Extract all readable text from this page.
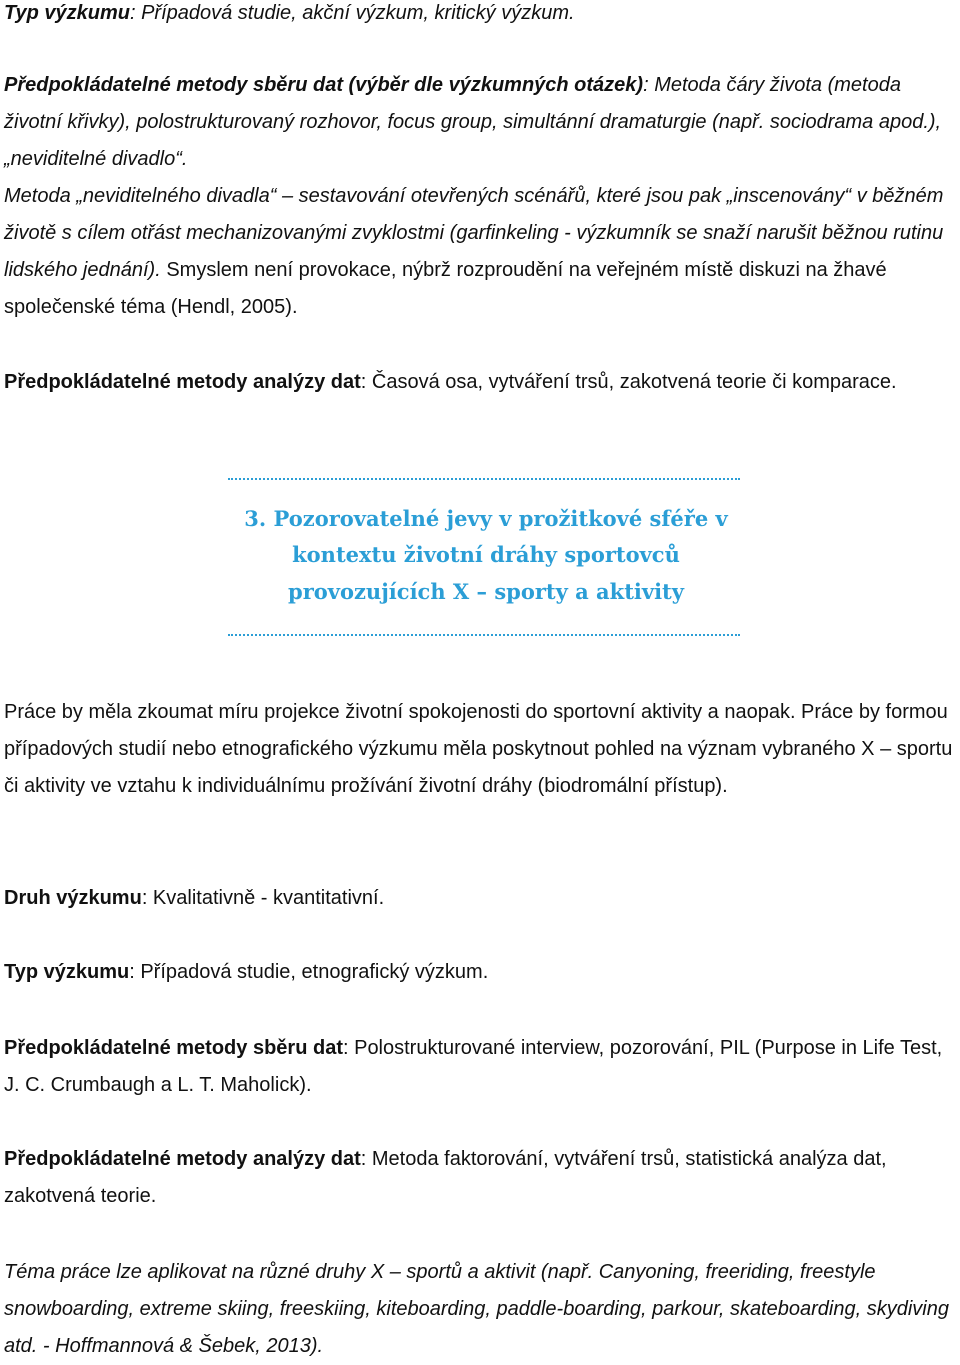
Typ výzkumu: Případová studie, akční výzkum, kritický výzkum.

Předpokládatelné metody sběru dat (výběr dle výzkumných otázek): Metoda čáry života (metoda životní křivky), polostrukturovaný rozhovor, focus group, simultánní dramaturgie (např. sociodrama apod.), „neviditelné divadlo“.

Metoda „neviditelného divadla“ – sestavování otevřených scénářů, které jsou pak „inscenovány“ v běžném životě s cílem otřást mechanizovanými zvyklostmi (garfinkeling - výzkumník se snaží narušit běžnou rutinu lidského jednání). Smyslem není provokace, nýbrž rozproudění na veřejném místě diskuzi na žhavé společenské téma (Hendl, 2005).

Předpokládatelné metody analýzy dat: Časová osa, vytváření trsů, zakotvená teorie či komparace.

3. Pozorovatelné jevy v prožitkové sféře v

kontextu životní dráhy sportovců

provozujících X – sporty a aktivity

Práce by měla zkoumat míru projekce životní spokojenosti do sportovní aktivity a naopak. Práce by formou případových studií nebo etnografického výzkumu měla poskytnout pohled na význam vybraného X – sportu či aktivity ve vztahu k individuálnímu prožívání životní dráhy (biodromální přístup).

Druh výzkumu: Kvalitativně - kvantitativní.

Typ výzkumu: Případová studie, etnografický výzkum.

Předpokládatelné metody sběru dat: Polostrukturované interview, pozorování, PIL (Purpose in Life Test, J. C. Crumbaugh a L. T. Maholick).

Předpokládatelné metody analýzy dat: Metoda faktorování, vytváření trsů, statistická analýza dat, zakotvená teorie.

Téma práce lze aplikovat na různé druhy X – sportů a aktivit (např. Canyoning, freeriding, freestyle snowboarding, extreme skiing, freeskiing, kiteboarding, paddle-boarding, parkour, skateboarding, skydiving atd. - Hoffmannová & Šebek, 2013).
